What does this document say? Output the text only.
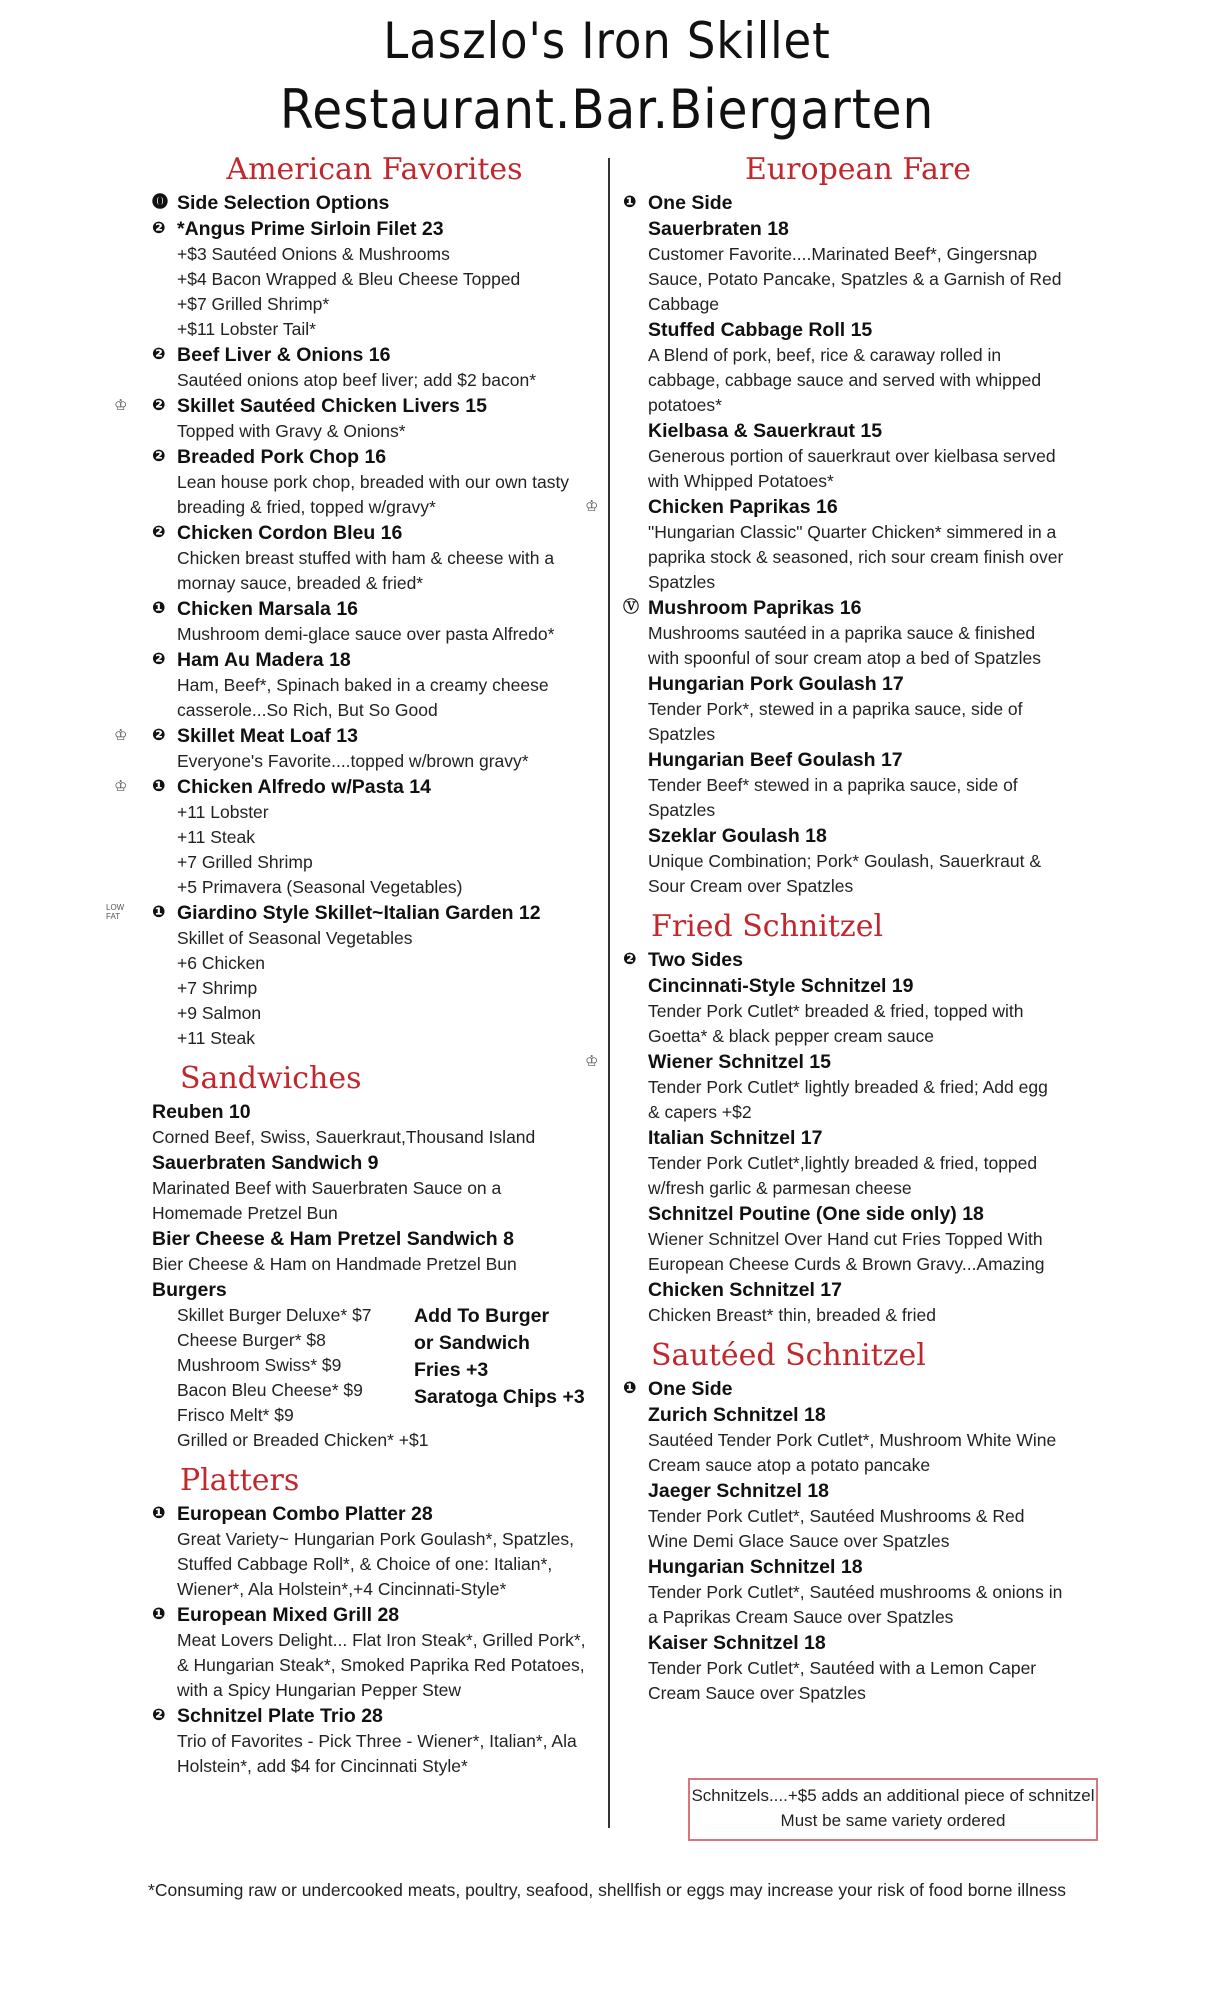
Laszlo's Iron Skillet
Restaurant.Bar.Biergarten
American Favorites
⓿ Side Selection Options
❷ *Angus Prime Sirloin Filet 23
+$3 Sautéed Onions & Mushrooms
+$4 Bacon Wrapped & Bleu Cheese Topped
+$7 Grilled Shrimp*
+$11 Lobster Tail*
❷ Beef Liver & Onions 16
Sautéed onions atop beef liver; add $2 bacon*
❷
♔	Skillet Sautéed Chicken Livers 15
Topped with Gravy & Onions*
❷ Breaded Pork Chop 16
Lean house pork chop, breaded with our own tasty
breading & fried, topped w/gravy*
❷ Chicken Cordon Bleu 16
Chicken breast stuffed with ham & cheese with a
mornay sauce, breaded & fried*
❶ Chicken Marsala 16
Mushroom demi-glace sauce over pasta Alfredo*
❷ Ham Au Madera 18
Ham, Beef*, Spinach baked in a creamy cheese
casserole...So Rich, But So Good
❷
♔	Skillet Meat Loaf 13
Everyone's Favorite....topped w/brown gravy*
❶
♔	Chicken Alfredo w/Pasta 14
+11 Lobster
+11 Steak
+7 Grilled Shrimp
+5 Primavera (Seasonal Vegetables)
❶
LOW
FAT	Giardino Style Skillet~Italian Garden 12
Skillet of Seasonal Vegetables
+6 Chicken
+7 Shrimp
+9 Salmon
+11 Steak
Sandwiches
Reuben 10
Corned Beef, Swiss, Sauerkraut,Thousand Island
Sauerbraten Sandwich 9
Marinated Beef with Sauerbraten Sauce on a
Homemade Pretzel Bun
Bier Cheese & Ham Pretzel Sandwich 8
Bier Cheese & Ham on Handmade Pretzel Bun
Burgers
Skillet Burger Deluxe* $7
Cheese Burger* $8
Mushroom Swiss* $9
Bacon Bleu Cheese* $9
Frisco Melt* $9
Grilled or Breaded Chicken* +$1
Add To Burger
or Sandwich
Fries +3
Saratoga Chips +3
Platters
❶ European Combo Platter 28
Great Variety~ Hungarian Pork Goulash*, Spatzles,
Stuffed Cabbage Roll*, & Choice of one: Italian*,
Wiener*, Ala Holstein*,+4 Cincinnati-Style*
❶ European Mixed Grill 28
Meat Lovers Delight... Flat Iron Steak*, Grilled Pork*,
& Hungarian Steak*, Smoked Paprika Red Potatoes,
with a Spicy Hungarian Pepper Stew
❷ Schnitzel Plate Trio 28
Trio of Favorites - Pick Three - Wiener*, Italian*, Ala
Holstein*, add $4 for Cincinnati Style*
European Fare
❶ One Side
Sauerbraten 18
Customer Favorite....Marinated Beef*, Gingersnap
Sauce, Potato Pancake, Spatzles & a Garnish of Red
Cabbage
Stuffed Cabbage Roll 15
A Blend of pork, beef, rice & caraway rolled in
cabbage, cabbage sauce and served with whipped
potatoes*
Kielbasa & Sauerkraut 15
Generous portion of sauerkraut over kielbasa served
with Whipped Potatoes*
♔	Chicken Paprikas 16
"Hungarian Classic" Quarter Chicken* simmered in a
paprika stock & seasoned, rich sour cream finish over
Spatzles
Ⓥ Mushroom Paprikas 16
Mushrooms sautéed in a paprika sauce & finished
with spoonful of sour cream atop a bed of Spatzles
Hungarian Pork Goulash 17
Tender Pork*, stewed in a paprika sauce, side of
Spatzles
Hungarian Beef Goulash 17
Tender Beef* stewed in a paprika sauce, side of
Spatzles
Szeklar Goulash 18
Unique Combination; Pork* Goulash, Sauerkraut &
Sour Cream over Spatzles
Fried Schnitzel
❷ Two Sides
Cincinnati-Style Schnitzel 19
Tender Pork Cutlet* breaded & fried, topped with
Goetta* & black pepper cream sauce
♔	Wiener Schnitzel 15
Tender Pork Cutlet* lightly breaded & fried; Add egg
& capers +$2
Italian Schnitzel 17
Tender Pork Cutlet*,lightly breaded & fried, topped
w/fresh garlic & parmesan cheese
Schnitzel Poutine (One side only) 18
Wiener Schnitzel Over Hand cut Fries Topped With
European Cheese Curds & Brown Gravy...Amazing
Chicken Schnitzel 17
Chicken Breast* thin, breaded & fried
Sautéed Schnitzel
❶ One Side
Zurich Schnitzel 18
Sautéed Tender Pork Cutlet*, Mushroom White Wine
Cream sauce atop a potato pancake
Jaeger Schnitzel 18
Tender Pork Cutlet*, Sautéed Mushrooms & Red
Wine Demi Glace Sauce over Spatzles
Hungarian Schnitzel 18
Tender Pork Cutlet*, Sautéed mushrooms & onions in
a Paprikas Cream Sauce over Spatzles
Kaiser Schnitzel 18
Tender Pork Cutlet*, Sautéed with a Lemon Caper
Cream Sauce over Spatzles
Schnitzels....+$5 adds an additional piece of schnitzel
Must be same variety ordered
*Consuming raw or undercooked meats, poultry, seafood, shellfish or eggs may increase your risk of food borne illness
